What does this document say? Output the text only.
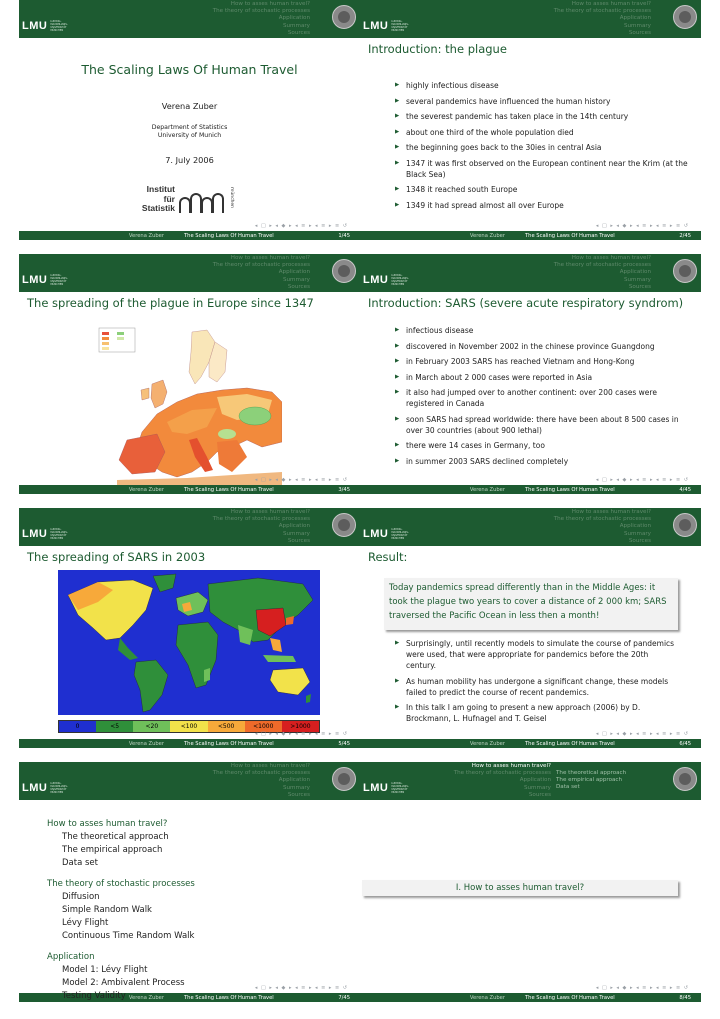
How to asses human travel?
The theory of stochastic processes
Application
Summary
Sources
LMU LUDWIG-MAXIMILIANS-UNIVERSITÄT MÜNCHEN
The Scaling Laws Of Human Travel
Verena Zuber
Department of Statistics
University of Munich
7. July 2006
Institut
für
Statistik	münchen
◂ □ ▸ ◂ ◆ ▸ ◂ ≡ ▸ ◂ ≡ ▸ ≡ ↺
Verena Zuber	The Scaling Laws Of Human Travel	1/45
How to asses human travel?
The theory of stochastic processes
Application
Summary
Sources
LMU LUDWIG-MAXIMILIANS-UNIVERSITÄT MÜNCHEN
Introduction: the plague
▶ highly infectious disease
▶ several pandemics have influenced the human history
▶ the severest pandemic has taken place in the 14th century
▶ about one third of the whole population died
▶ the beginning goes back to the 30ies in central Asia
▶ 1347 it was first observed on the European continent near the Krim (at the Black Sea)
▶ 1348 it reached south Europe
▶ 1349 it had spread almost all over Europe
◂ □ ▸ ◂ ◆ ▸ ◂ ≡ ▸ ◂ ≡ ▸ ≡ ↺
Verena Zuber	The Scaling Laws Of Human Travel	2/45
How to asses human travel?
The theory of stochastic processes
Application
Summary
Sources
LMU LUDWIG-MAXIMILIANS-UNIVERSITÄT MÜNCHEN
The spreading of the plague in Europe since 1347
◂ □ ▸ ◂ ◆ ▸ ◂ ≡ ▸ ◂ ≡ ▸ ≡ ↺
Verena Zuber	The Scaling Laws Of Human Travel	3/45
How to asses human travel?
The theory of stochastic processes
Application
Summary
Sources
LMU LUDWIG-MAXIMILIANS-UNIVERSITÄT MÜNCHEN
Introduction: SARS (severe acute respiratory syndrom)
▶ infectious disease
▶ discovered in November 2002 in the chinese province Guangdong
▶ in February 2003 SARS has reached Vietnam and Hong-Kong
▶ in March about 2 000 cases were reported in Asia
▶ it also had jumped over to another continent: over 200 cases were registered in Canada
▶ soon SARS had spread worldwide: there have been about 8 500 cases in over 30 countries (about 900 lethal)
▶ there were 14 cases in Germany, too
▶ in summer 2003 SARS declined completely
◂ □ ▸ ◂ ◆ ▸ ◂ ≡ ▸ ◂ ≡ ▸ ≡ ↺
Verena Zuber	The Scaling Laws Of Human Travel	4/45
How to asses human travel?
The theory of stochastic processes
Application
Summary
Sources
LMU LUDWIG-MAXIMILIANS-UNIVERSITÄT MÜNCHEN
The spreading of SARS in 2003
0	<5	<20	<100	<500	<1000	>1000
◂ □ ▸ ◂ ◆ ▸ ◂ ≡ ▸ ◂ ≡ ▸ ≡ ↺
Verena Zuber	The Scaling Laws Of Human Travel	5/45
How to asses human travel?
The theory of stochastic processes
Application
Summary
Sources
LMU LUDWIG-MAXIMILIANS-UNIVERSITÄT MÜNCHEN
Result:
Today pandemics spread differently than in the Middle Ages: it took the plague two years to cover a distance of 2 000 km; SARS traversed the Pacific Ocean in less then a month!
▶ Surprisingly, until recently models to simulate the course of pandemics were used, that were appropriate for pandemics before the 20th century.
▶ As human mobility has undergone a significant change, these models failed to predict the course of recent pandemics.
▶ In this talk I am going to present a new approach (2006) by D. Brockmann, L. Hufnagel and T. Geisel
◂ □ ▸ ◂ ◆ ▸ ◂ ≡ ▸ ◂ ≡ ▸ ≡ ↺
Verena Zuber	The Scaling Laws Of Human Travel	6/45
How to asses human travel?
The theory of stochastic processes
Application
Summary
Sources
LMU LUDWIG-MAXIMILIANS-UNIVERSITÄT MÜNCHEN
◂ □ ▸ ◂ ◆ ▸ ◂ ≡ ▸ ◂ ≡ ▸ ≡ ↺
Verena Zuber	The Scaling Laws Of Human Travel	7/45
How to asses human travel?
The theoretical approach
The empirical approach
Data set
The theory of stochastic processes
Diffusion
Simple Random Walk
Lévy Flight
Continuous Time Random Walk
Application
Model 1: Lévy Flight
Model 2: Ambivalent Process
Testing Validity
How to asses human travel?
The theory of stochastic processes
Application
Summary
Sources
The theoretical approach
The empirical approach
Data set
LMU LUDWIG-MAXIMILIANS-UNIVERSITÄT MÜNCHEN
◂ □ ▸ ◂ ◆ ▸ ◂ ≡ ▸ ◂ ≡ ▸ ≡ ↺
Verena Zuber	The Scaling Laws Of Human Travel	8/45
I. How to asses human travel?
